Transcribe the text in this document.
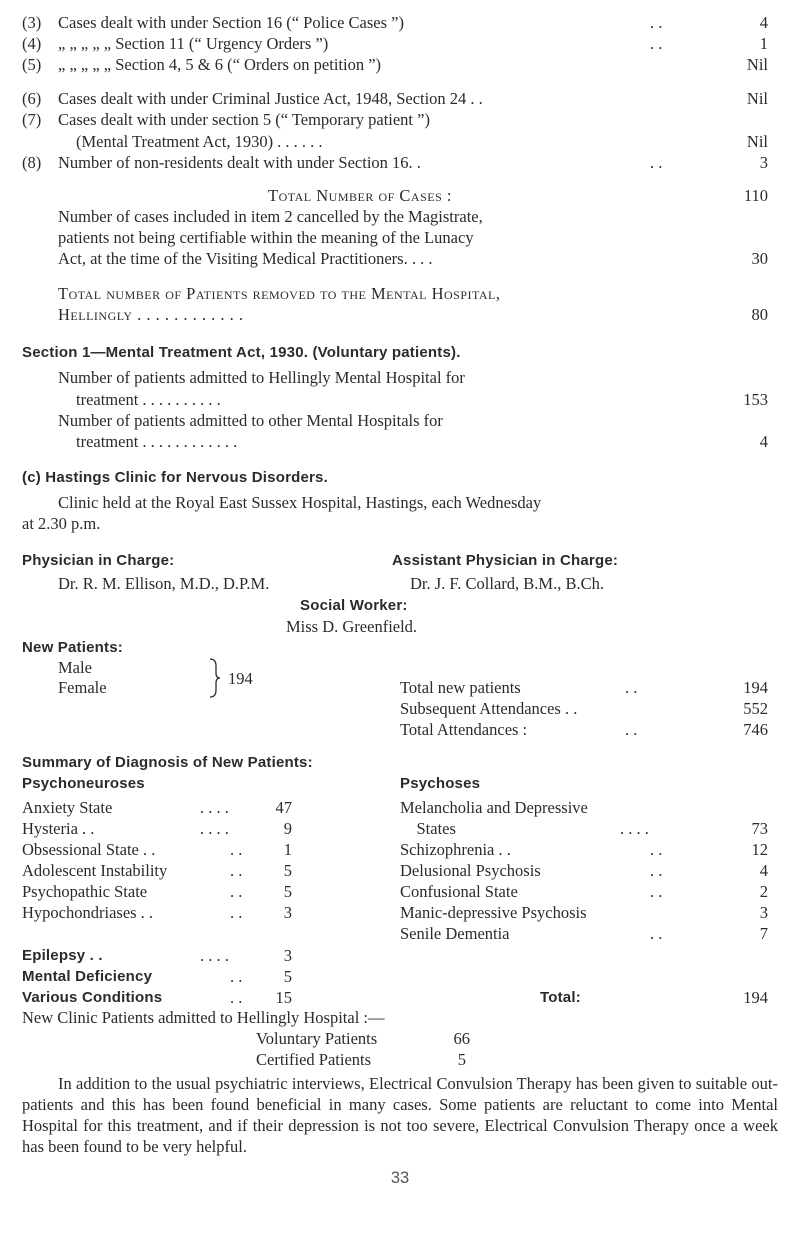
(3) Cases dealt with under Section 16 (“ Police Cases ”)	. .	4
(4) „ „ „ „ „ Section 11 (“ Urgency Orders ”)	. .	1
(5) „ „ „ „ „ Section 4, 5 & 6 (“ Orders on petition ”)	Nil
(6) Cases dealt with under Criminal Justice Act, 1948, Section 24 . .	Nil
(7) Cases dealt with under section 5 (“ Temporary patient ”)
(Mental Treatment Act, 1930) . . . . . .	Nil
(8) Number of non-residents dealt with under Section 16. .	. .	3
Total Number of Cases :	110
Number of cases included in item 2 cancelled by the Magistrate,
patients not being certifiable within the meaning of the Lunacy
Act, at the time of the Visiting Medical Practitioners. . . .	30
Total number of Patients removed to the Mental Hospital,
Hellingly . . . . . . . . . . . .	80
Section 1—Mental Treatment Act, 1930. (Voluntary patients).
Number of patients admitted to Hellingly Mental Hospital for
treatment . . . . . . . . . .	153
Number of patients admitted to other Mental Hospitals for
treatment . . . . . . . . . . . .	4
(c) Hastings Clinic for Nervous Disorders.
Clinic held at the Royal East Sussex Hospital, Hastings, each Wednesday
at 2.30 p.m.
Physician in Charge:	Assistant Physician in Charge:
Dr. R. M. Ellison, M.D., D.P.M.	Dr. J. F. Collard, B.M., B.Ch.
Social Worker:
Miss D. Greenfield.
New Patients:
Male
Female	194	Total new patients	. .	194
Subsequent Attendances . .	552
Total Attendances :	. .	746
Summary of Diagnosis of New Patients:
Psychoneuroses	Psychoses
Anxiety State	. . . .	47
Hysteria . .	. . . .	9
Obsessional State . .	. .	1
Adolescent Instability	. .	5
Psychopathic State	. .	5
Hypochondriases . .	. .	3
Melancholia and Depressive
States	. . . .	73
Schizophrenia . .	. .	12
Delusional Psychosis	. .	4
Confusional State	. .	2
Manic-depressive Psychosis	3
Senile Dementia	. .	7
Epilepsy . .	. . . .	3
Mental Deficiency	. .	5
Various Conditions	. .	15	Total:	194
New Clinic Patients admitted to Hellingly Hospital :—
Voluntary Patients	66
Certified Patients	5
In addition to the usual psychiatric interviews, Electrical Convulsion Therapy has been given to suitable out-patients and this has been found beneficial in many cases. Some patients are reluctant to come into Mental Hospital for this treatment, and if their depression is not too severe, Electrical Convulsion Therapy once a week has been found to be very helpful.
33
